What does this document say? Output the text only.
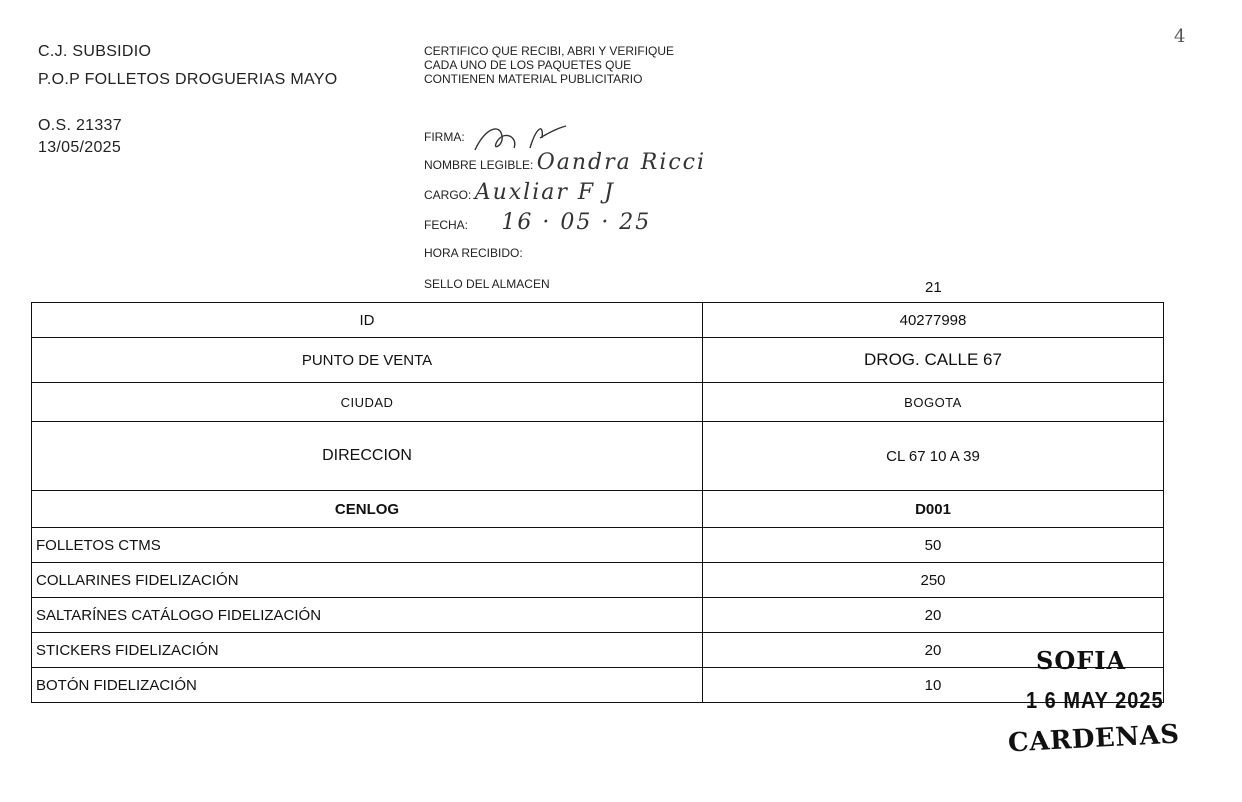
C.J. SUBSIDIO
P.O.P FOLLETOS DROGUERIAS MAYO
O.S. 21337
13/05/2025
4
CERTIFICO QUE RECIBI, ABRI Y VERIFIQUE CADA UNO DE LOS PAQUETES QUE CONTIENEN MATERIAL PUBLICITARIO
FIRMA:
NOMBRE LEGIBLE: Oandra Ricci
CARGO: Auxliar F J
FECHA: 16 · 05 · 25
HORA RECIBIDO:
SELLO DEL ALMACEN	21
ID	40277998
PUNTO DE VENTA	DROG. CALLE 67
CIUDAD	BOGOTA
DIRECCION	CL 67 10 A 39
CENLOG	D001
FOLLETOS CTMS	50
COLLARINES FIDELIZACIÓN	250
SALTARÍNES CATÁLOGO FIDELIZACIÓN	20
STICKERS FIDELIZACIÓN	20
BOTÓN FIDELIZACIÓN	10
SOFIA
1 6 MAY 2025
CARDENAS
